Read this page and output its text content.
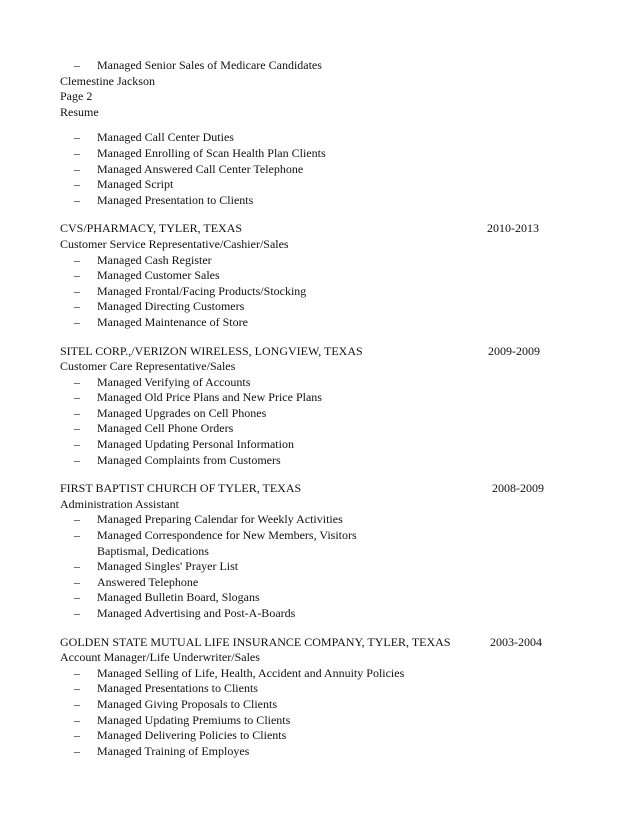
– Managed Senior Sales of Medicare Candidates
Clemestine Jackson
Page 2
Resume
– Managed Call Center Duties
– Managed Enrolling of Scan Health Plan Clients
– Managed Answered Call Center Telephone
– Managed Script
– Managed Presentation to Clients
CVS/PHARMACY, TYLER, TEXAS	2010-2013
Customer Service Representative/Cashier/Sales
– Managed Cash Register
– Managed Customer Sales
– Managed Frontal/Facing Products/Stocking
– Managed Directing Customers
– Managed Maintenance of Store
SITEL CORP.,/VERIZON WIRELESS, LONGVIEW, TEXAS	2009-2009
Customer Care Representative/Sales
– Managed Verifying of Accounts
– Managed Old Price Plans and New Price Plans
– Managed Upgrades on Cell Phones
– Managed Cell Phone Orders
– Managed Updating Personal Information
– Managed Complaints from Customers
FIRST BAPTIST CHURCH OF TYLER, TEXAS	2008-2009
Administration Assistant
– Managed Preparing Calendar for Weekly Activities
– Managed Correspondence for New Members, Visitors Baptismal, Dedications
– Managed Singles' Prayer List
– Answered Telephone
– Managed Bulletin Board, Slogans
– Managed Advertising and Post-A-Boards
GOLDEN STATE MUTUAL LIFE INSURANCE COMPANY, TYLER, TEXAS	2003-2004
Account Manager/Life Underwriter/Sales
– Managed Selling of Life, Health, Accident and Annuity Policies
– Managed Presentations to Clients
– Managed Giving Proposals to Clients
– Managed Updating Premiums to Clients
– Managed Delivering Policies to Clients
– Managed Training of Employes
